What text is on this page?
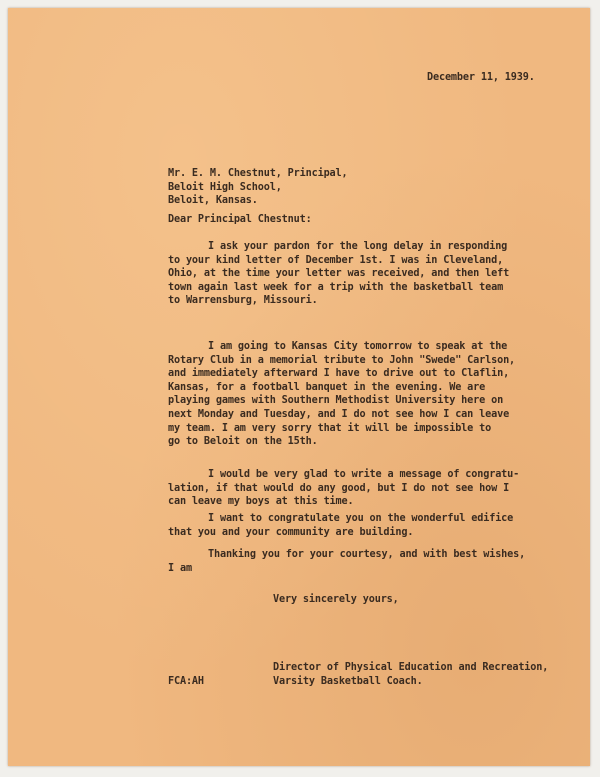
December 11, 1939.

Mr. E. M. Chestnut, Principal,
Beloit High School,
Beloit, Kansas.

Dear Principal Chestnut:

I ask your pardon for the long delay in responding
to your kind letter of December 1st. I was in Cleveland,
Ohio, at the time your letter was received, and then left
town again last week for a trip with the basketball team
to Warrensburg, Missouri.
I am going to Kansas City tomorrow to speak at the
Rotary Club in a memorial tribute to John "Swede" Carlson,
and immediately afterward I have to drive out to Claflin,
Kansas, for a football banquet in the evening. We are
playing games with Southern Methodist University here on
next Monday and Tuesday, and I do not see how I can leave
my team. I am very sorry that it will be impossible to
go to Beloit on the 15th.
I would be very glad to write a message of congratu-
lation, if that would do any good, but I do not see how I
can leave my boys at this time.
I want to congratulate you on the wonderful edifice
that you and your community are building.
Thanking you for your courtesy, and with best wishes,
I am

Very sincerely yours,

Director of Physical Education and Recreation,
Varsity Basketball Coach.

FCA:AH
